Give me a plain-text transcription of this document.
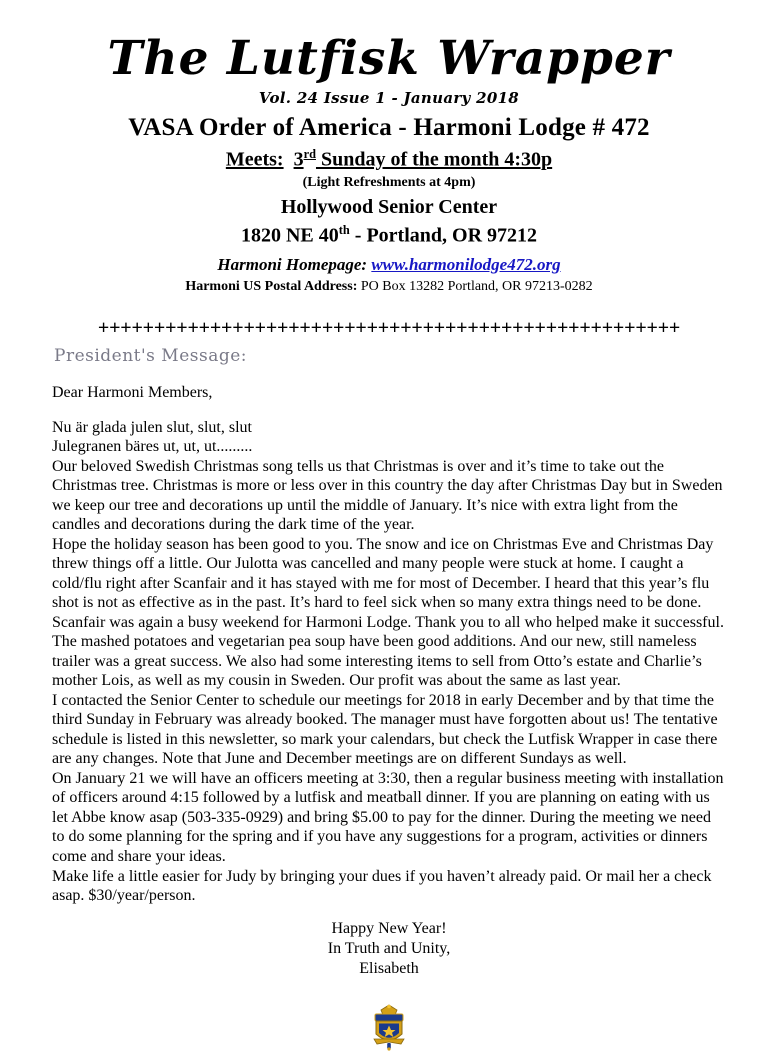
The Lutfisk Wrapper
Vol. 24 Issue 1 - January 2018
VASA Order of America - Harmoni Lodge # 472
Meets: 3rd Sunday of the month 4:30p
(Light Refreshments at 4pm)
Hollywood Senior Center
1820 NE 40th - Portland, OR 97212
Harmoni Homepage: www.harmonilodge472.org
Harmoni US Postal Address: PO Box 13282 Portland, OR 97213-0282
++++++++++++++++++++++++++++++++++++++++++++++++++++
President's Message:
Dear Harmoni Members,
Nu är glada julen slut, slut, slut
Julegranen bäres ut, ut, ut.........

Our beloved Swedish Christmas song tells us that Christmas is over and it’s time to take out the Christmas tree. Christmas is more or less over in this country the day after Christmas Day but in Sweden we keep our tree and decorations up until the middle of January. It’s nice with extra light from the candles and decorations during the dark time of the year.

Hope the holiday season has been good to you. The snow and ice on Christmas Eve and Christmas Day threw things off a little. Our Julotta was cancelled and many people were stuck at home. I caught a cold/flu right after Scanfair and it has stayed with me for most of December. I heard that this year’s flu shot is not as effective as in the past. It’s hard to feel sick when so many extra things need to be done.

Scanfair was again a busy weekend for Harmoni Lodge. Thank you to all who helped make it successful. The mashed potatoes and vegetarian pea soup have been good additions. And our new, still nameless trailer was a great success. We also had some interesting items to sell from Otto’s estate and Charlie’s mother Lois, as well as my cousin in Sweden. Our profit was about the same as last year.

I contacted the Senior Center to schedule our meetings for 2018 in early December and by that time the third Sunday in February was already booked. The manager must have forgotten about us! The tentative schedule is listed in this newsletter, so mark your calendars, but check the Lutfisk Wrapper in case there are any changes. Note that June and December meetings are on different Sundays as well.

On January 21 we will have an officers meeting at 3:30, then a regular business meeting with installation of officers around 4:15 followed by a lutfisk and meatball dinner. If you are planning on eating with us let Abbe know asap (503-335-0929) and bring $5.00 to pay for the dinner. During the meeting we need to do some planning for the spring and if you have any suggestions for a program, activities or dinners come and share your ideas.

Make life a little easier for Judy by bringing your dues if you haven’t already paid. Or mail her a check asap. $30/year/person.

Happy New Year!
In Truth and Unity,
Elisabeth
